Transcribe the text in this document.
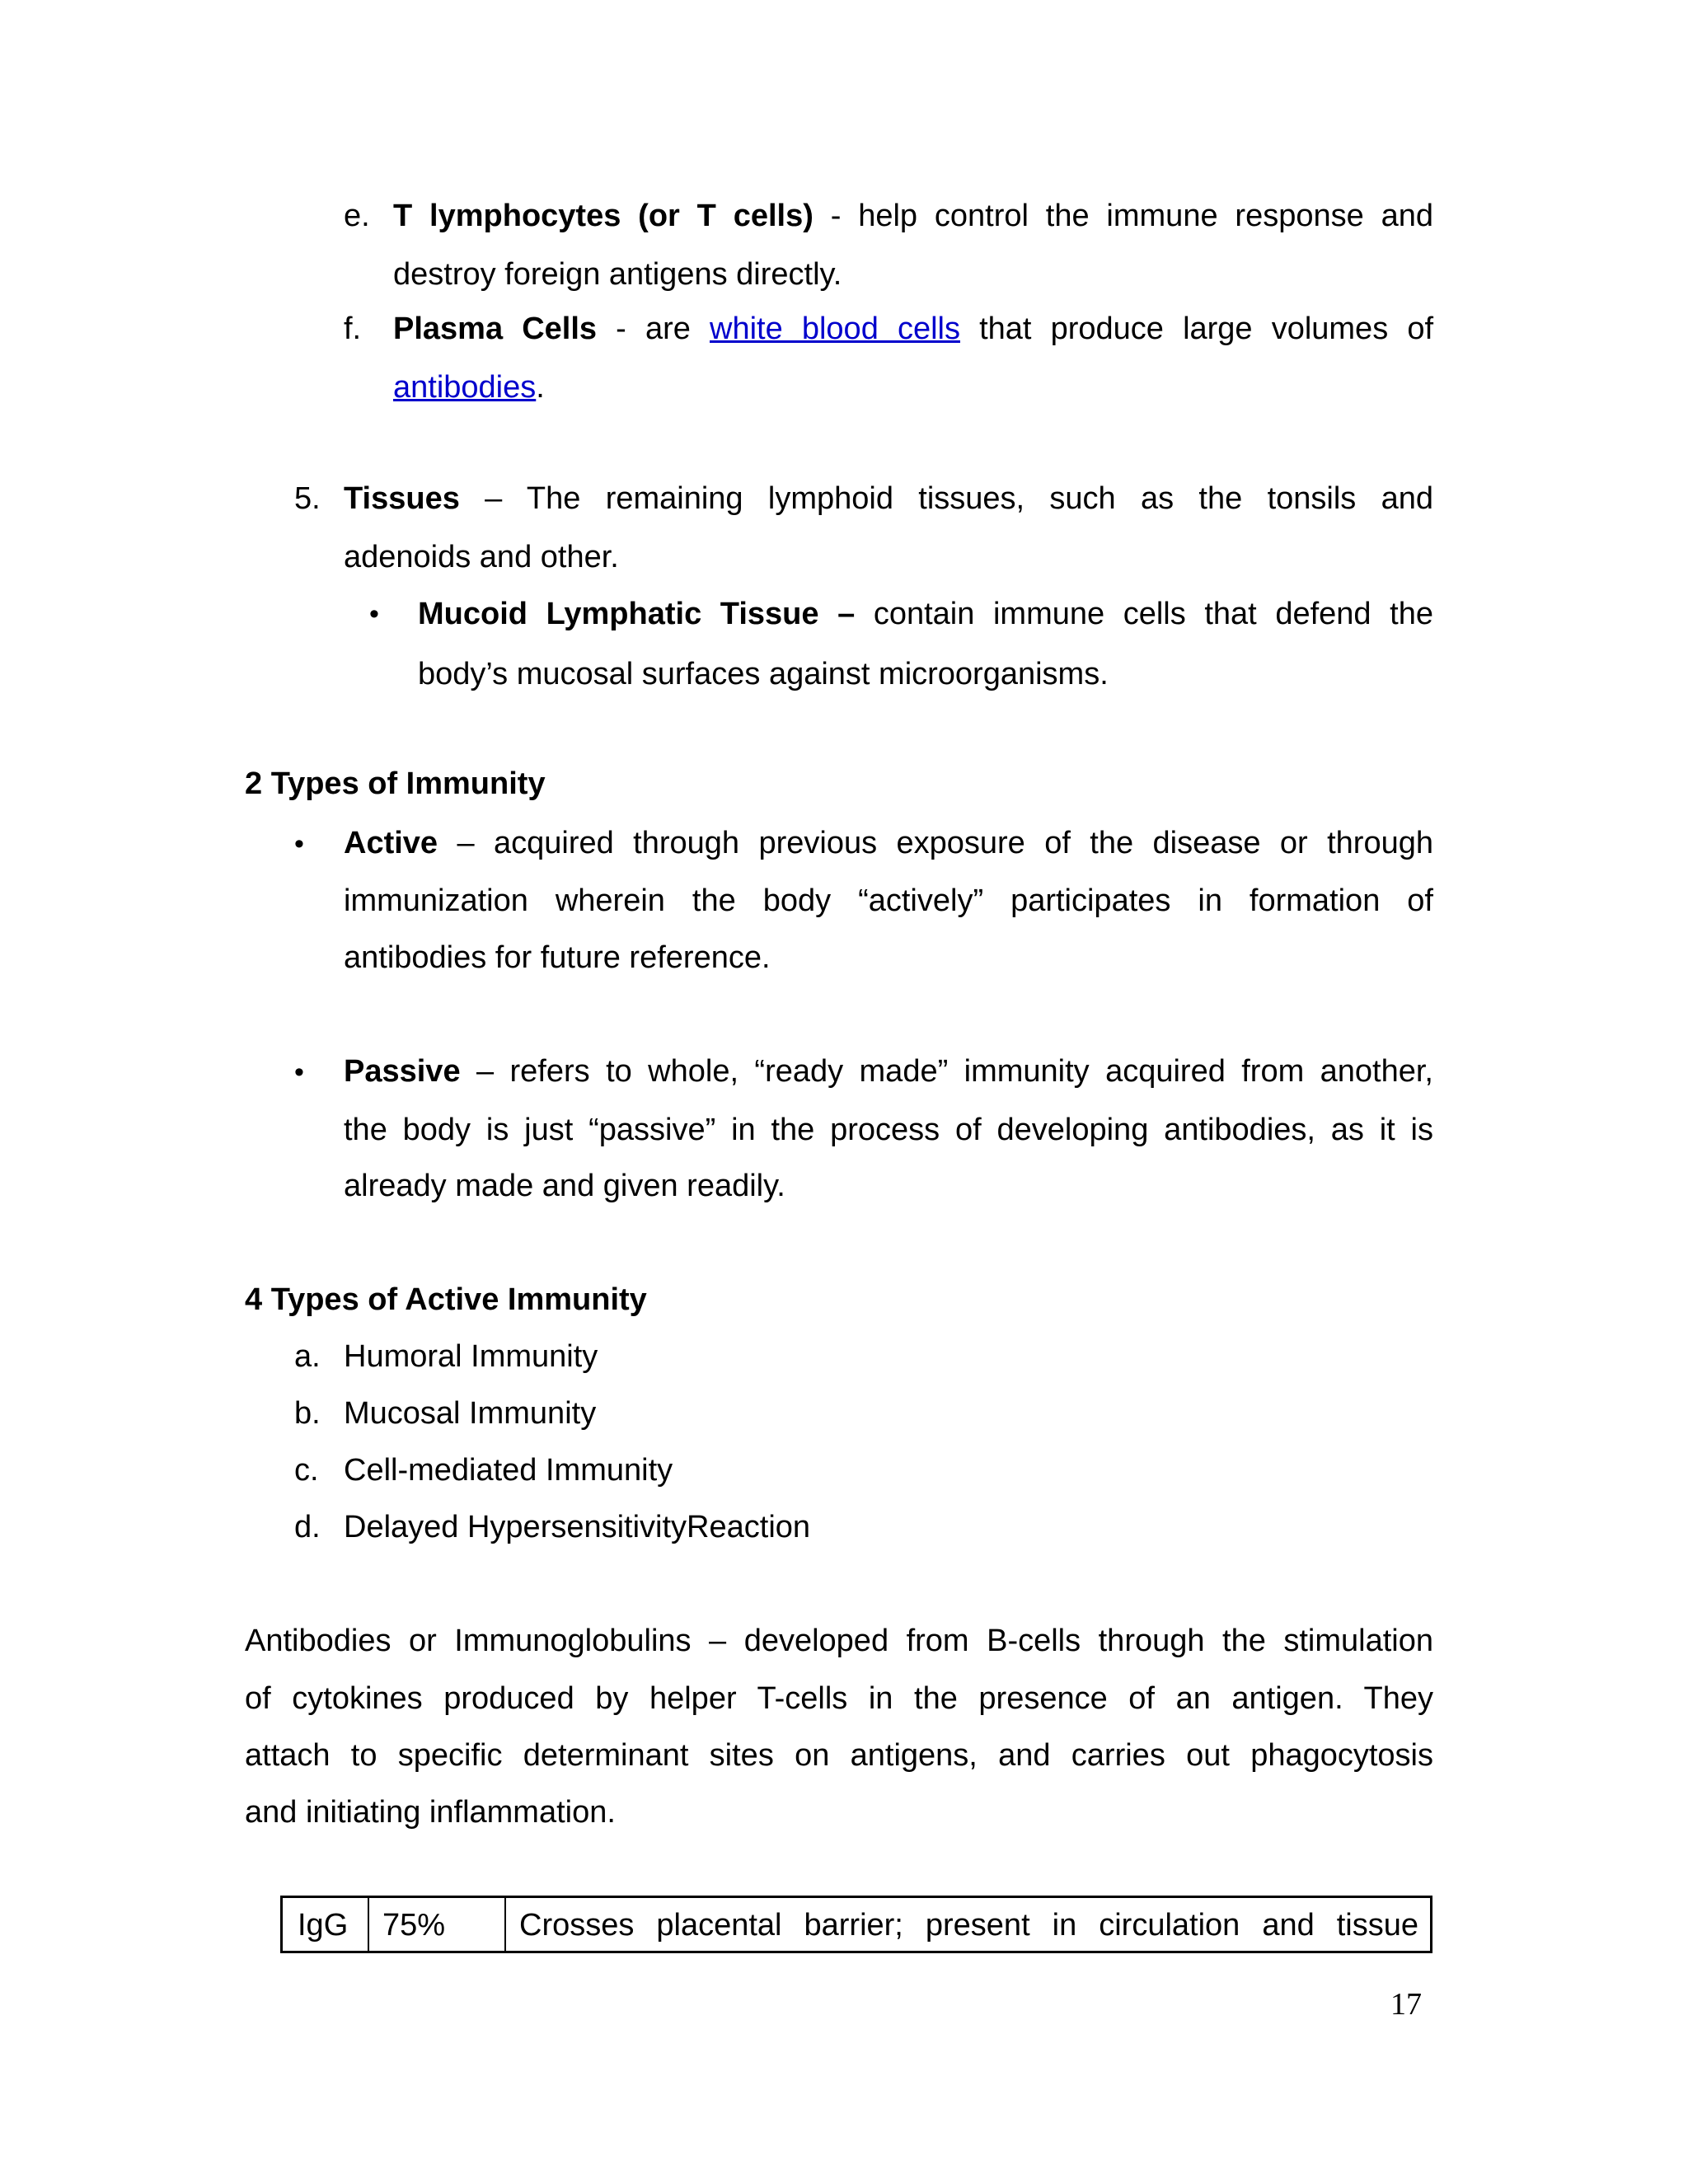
e. T lymphocytes (or T cells) - help control the immune response and
destroy foreign antigens directly.
f. Plasma Cells - are white blood cells that produce large volumes of
antibodies.
5. Tissues – The remaining lymphoid tissues, such as the tonsils and
adenoids and other.
• Mucoid Lymphatic Tissue – contain immune cells that defend the
body’s mucosal surfaces against microorganisms.
2 Types of Immunity
• Active – acquired through previous exposure of the disease or through
immunization wherein the body “actively” participates in formation of
antibodies for future reference.
• Passive – refers to whole, “ready made” immunity acquired from another,
the body is just “passive” in the process of developing antibodies, as it is
already made and given readily.
4 Types of Active Immunity
a. Humoral Immunity
b. Mucosal Immunity
c. Cell-mediated Immunity
d. Delayed HypersensitivityReaction
Antibodies or Immunoglobulins – developed from B-cells through the stimulation
of cytokines produced by helper T-cells in the presence of an antigen. They
attach to specific determinant sites on antigens, and carries out phagocytosis
and initiating inflammation.
IgG	75%	Crosses placental barrier; present in circulation and tissue
17
